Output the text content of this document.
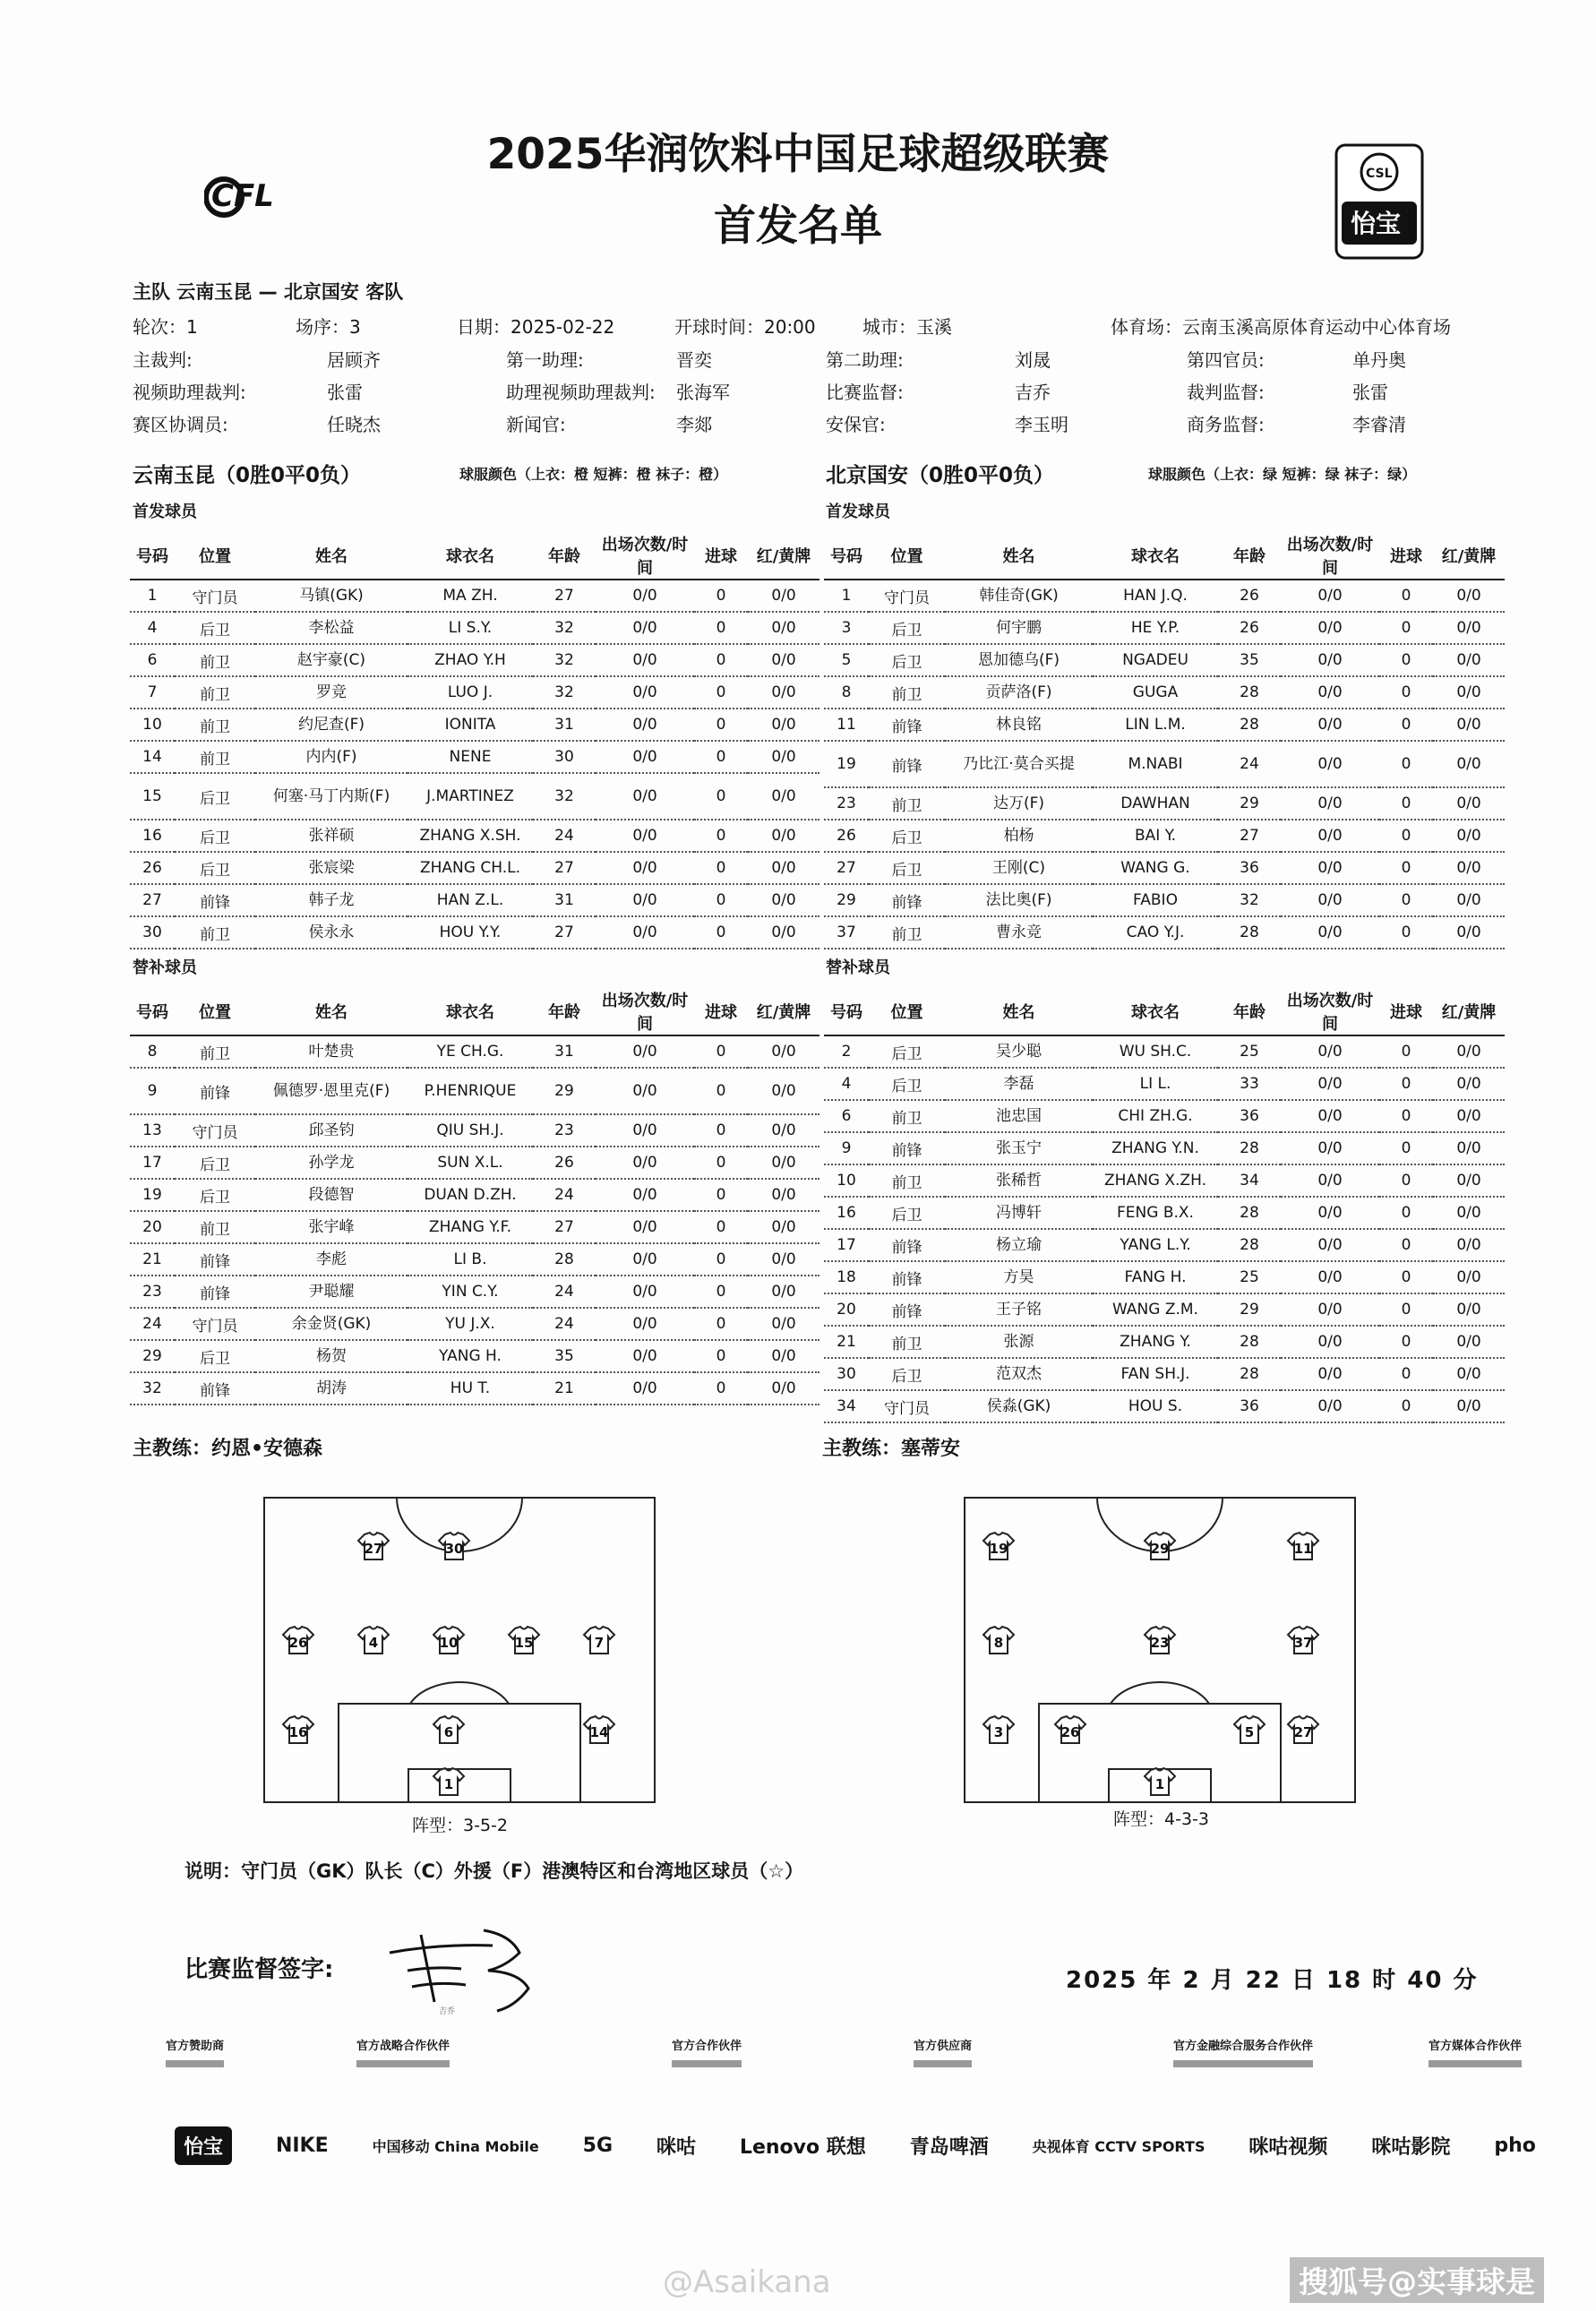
2025华润饮料中国足球超级联赛
首发名单
CFL
CSL
怡宝
主队 云南玉昆 — 北京国安 客队
轮次：1	场序：3	日期：2025-02-22	开球时间：20:00	城市：玉溪	体育场：云南玉溪高原体育运动中心体育场
主裁判:	居顾齐	第一助理:	晋奕	第二助理:	刘晟	第四官员:	单丹奥
视频助理裁判:	张雷	助理视频助理裁判: 张海军	比赛监督:	吉乔	裁判监督:	张雷
赛区协调员:	任晓杰	新闻官:	李郯	安保官:	李玉明	商务监督:	李睿清
云南玉昆（0胜0平0负）	球服颜色（上衣：橙 短裤：橙 袜子：橙）	北京国安（0胜0平0负）	球服颜色（上衣：绿 短裤：绿 袜子：绿）
首发球员	首发球员
号码	位置	姓名	球衣名	年龄	出场次数/时间	进球	红/黄牌
1	守门员	马镇(GK)	MA ZH.	27	0/0	0	0/0
4	后卫	李松益	LI S.Y.	32	0/0	0	0/0
6	前卫	赵宇豪(C)	ZHAO Y.H	32	0/0	0	0/0
7	前卫	罗竞	LUO J.	32	0/0	0	0/0
10	前卫	约尼查(F)	IONITA	31	0/0	0	0/0
14	前卫	内内(F)	NENE	30	0/0	0	0/0
15	后卫	何塞·马丁内斯(F)	J.MARTINEZ	32	0/0	0	0/0
16	后卫	张祥硕	ZHANG X.SH.	24	0/0	0	0/0
26	后卫	张宸梁	ZHANG CH.L.	27	0/0	0	0/0
27	前锋	韩子龙	HAN Z.L.	31	0/0	0	0/0
30	前卫	侯永永	HOU Y.Y.	27	0/0	0	0/0
号码	位置	姓名	球衣名	年龄	出场次数/时间	进球	红/黄牌
1	守门员	韩佳奇(GK)	HAN J.Q.	26	0/0	0	0/0
3	后卫	何宇鹏	HE Y.P.	26	0/0	0	0/0
5	后卫	恩加德乌(F)	NGADEU	35	0/0	0	0/0
8	前卫	贡萨洛(F)	GUGA	28	0/0	0	0/0
11	前锋	林良铭	LIN L.M.	28	0/0	0	0/0
19	前锋	乃比江·莫合买提	M.NABI	24	0/0	0	0/0
23	前卫	达万(F)	DAWHAN	29	0/0	0	0/0
26	后卫	柏杨	BAI Y.	27	0/0	0	0/0
27	后卫	王刚(C)	WANG G.	36	0/0	0	0/0
29	前锋	法比奥(F)	FABIO	32	0/0	0	0/0
37	前卫	曹永竞	CAO Y.J.	28	0/0	0	0/0
替补球员	替补球员
号码	位置	姓名	球衣名	年龄	出场次数/时间	进球	红/黄牌
8	前卫	叶楚贵	YE CH.G.	31	0/0	0	0/0
9	前锋	佩德罗·恩里克(F)	P.HENRIQUE	29	0/0	0	0/0
13	守门员	邱圣钧	QIU SH.J.	23	0/0	0	0/0
17	后卫	孙学龙	SUN X.L.	26	0/0	0	0/0
19	后卫	段德智	DUAN D.ZH.	24	0/0	0	0/0
20	前卫	张宇峰	ZHANG Y.F.	27	0/0	0	0/0
21	前锋	李彪	LI B.	28	0/0	0	0/0
23	前锋	尹聪耀	YIN C.Y.	24	0/0	0	0/0
24	守门员	余金贤(GK)	YU J.X.	24	0/0	0	0/0
29	后卫	杨贺	YANG H.	35	0/0	0	0/0
32	前锋	胡涛	HU T.	21	0/0	0	0/0
号码	位置	姓名	球衣名	年龄	出场次数/时间	进球	红/黄牌
2	后卫	吴少聪	WU SH.C.	25	0/0	0	0/0
4	后卫	李磊	LI L.	33	0/0	0	0/0
6	前卫	池忠国	CHI ZH.G.	36	0/0	0	0/0
9	前锋	张玉宁	ZHANG Y.N.	28	0/0	0	0/0
10	前卫	张稀哲	ZHANG X.ZH.	34	0/0	0	0/0
16	后卫	冯博轩	FENG B.X.	28	0/0	0	0/0
17	前锋	杨立瑜	YANG L.Y.	28	0/0	0	0/0
18	前锋	方昊	FANG H.	25	0/0	0	0/0
20	前锋	王子铭	WANG Z.M.	29	0/0	0	0/0
21	前卫	张源	ZHANG Y.	28	0/0	0	0/0
30	后卫	范双杰	FAN SH.J.	28	0/0	0	0/0
34	守门员	侯淼(GK)	HOU S.	36	0/0	0	0/0
主教练：约恩•安德森	主教练：塞蒂安
27	30
26	4	10	15	7
16	6	14
1
19	29	11
8	23	37
3	26	5	27
1
阵型：3-5-2	阵型：4-3-3
说明：守门员（GK）队长（C）外援（F）港澳特区和台湾地区球员（☆）
比赛监督签字:
吉乔
2025 年 2 月 22 日 18 时 40 分
官方赞助商	官方战略合作伙伴	官方合作伙伴	官方供应商	官方金融综合服务合作伙伴	官方媒体合作伙伴
怡宝	NIKE	中国移动 China Mobile 5G 咪咕 Lenovo 联想 青岛啤酒	央视体育 CCTV SPORTS 咪咕视频 咪咕影院 pho
@Asaikana	搜狐号@实事球是
